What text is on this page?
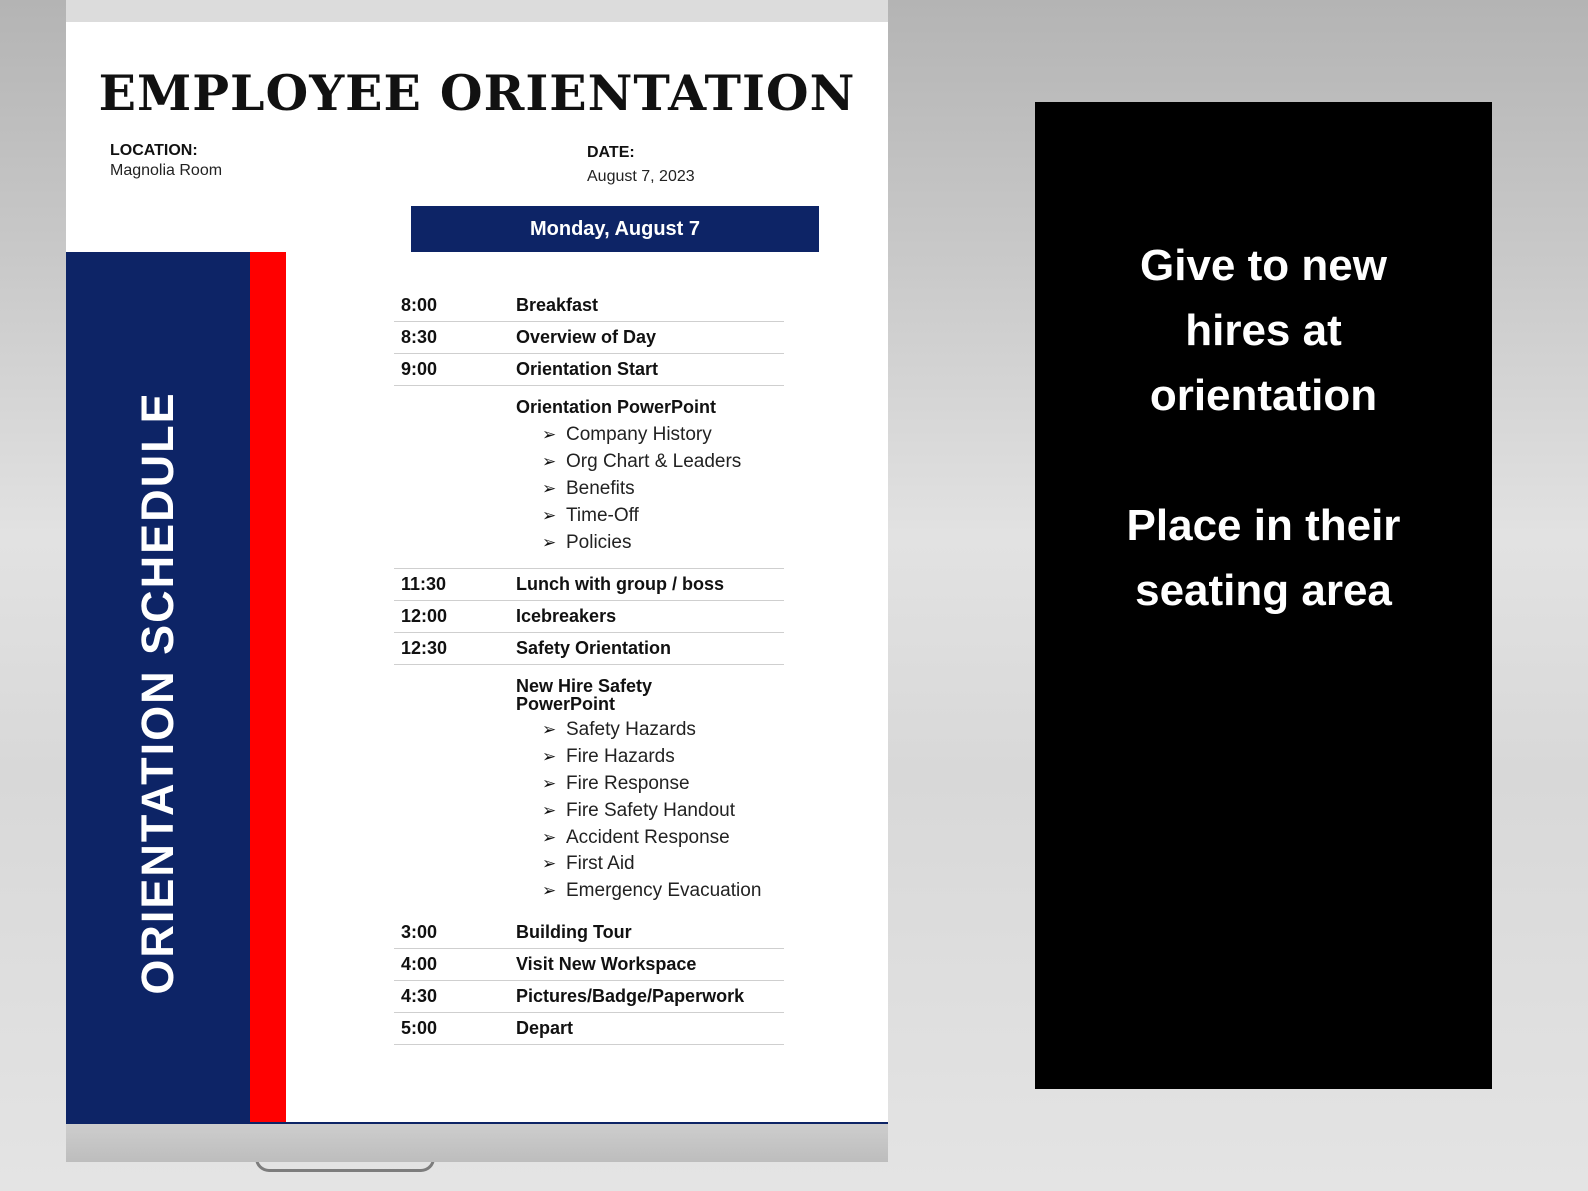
EMPLOYEE ORIENTATION
LOCATION:
Magnolia Room
DATE:
August 7, 2023
Monday, August 7
ORIENTATION SCHEDULE
8:00	Breakfast
8:30	Overview of Day
9:00	Orientation Start
Orientation PowerPoint
➢ Company History
➢ Org Chart & Leaders
➢ Benefits
➢ Time-Off
➢ Policies
11:30	Lunch with group / boss
12:00	Icebreakers
12:30	Safety Orientation
New Hire Safety
PowerPoint
➢ Safety Hazards
➢ Fire Hazards
➢ Fire Response
➢ Fire Safety Handout
➢ Accident Response
➢ First Aid
➢ Emergency Evacuation
3:00	Building Tour
4:00	Visit New Workspace
4:30	Pictures/Badge/Paperwork
5:00	Depart
Give to new
hires at
orientation
Place in their
seating area
